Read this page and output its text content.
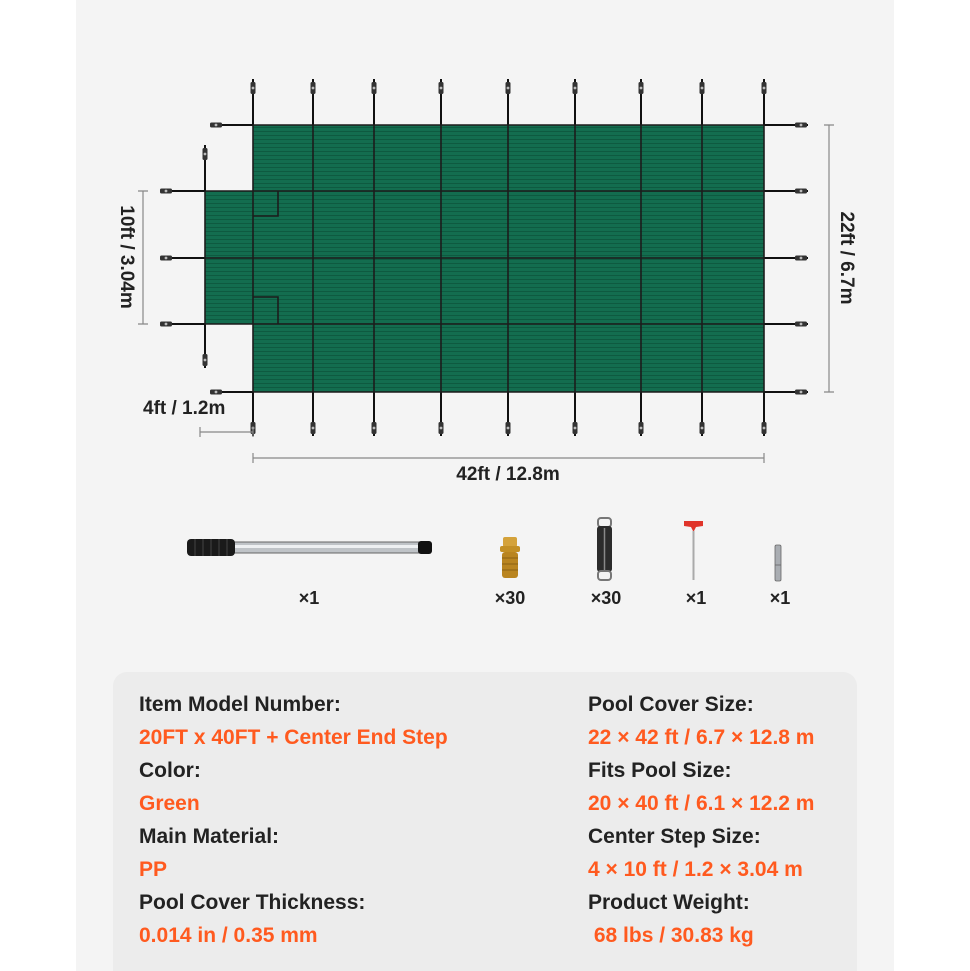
10ft / 3.04m	22ft / 6.7m
4ft / 1.2m
42ft / 12.8m
×1	×30	×30	×1	×1
Item Model Number:
20FT x 40FT + Center End Step
Color:
Green
Main Material:
PP
Pool Cover Thickness:
0.014 in / 0.35 mm
Pool Cover Size:
22 × 42 ft / 6.7 × 12.8 m
Fits Pool Size:
20 × 40 ft / 6.1 × 12.2 m
Center Step Size:
4 × 10 ft / 1.2 × 3.04 m
Product Weight:
68 lbs / 30.83 kg
